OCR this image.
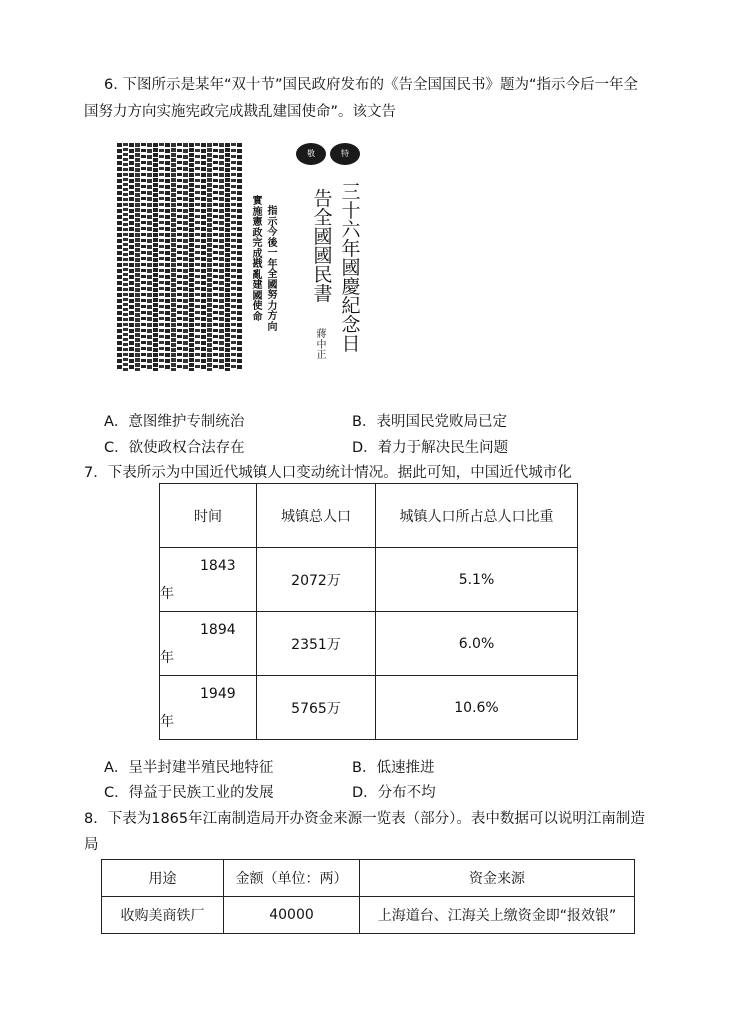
6. 下图所示是某年“双十节”国民政府发布的《告全国国民书》题为“指示今后一年全
国努力方向实施宪政完成戡乱建国使命”。该文告
實
施
憲
政
完
成
戡
亂
建
國
使
命
指
示
今
後
一
年
全
國
努
力
方
向
敬	特
三
十
六
年
國
慶
紀
念
日
告
全
國
國
民
書
蔣
中
正
A．意图维护专制统治	B．表明国民党败局已定
C．欲使政权合法存在	D．着力于解决民生问题
7．下表所示为中国近代城镇人口变动统计情况。据此可知，中国近代城市化
时间	城镇总人口	城镇人口所占总人口比重
1843
年	2072万	5.1%
1894
年	2351万	6.0%
1949
年	5765万	10.6%
A．呈半封建半殖民地特征	B．低速推进
C．得益于民族工业的发展	D．分布不均
8．下表为1865年江南制造局开办资金来源一览表（部分）。表中数据可以说明江南制造
局
用途	金额（单位：两）	资金来源
收购美商铁厂	40000	上海道台、江海关上缴资金即“报效银”
